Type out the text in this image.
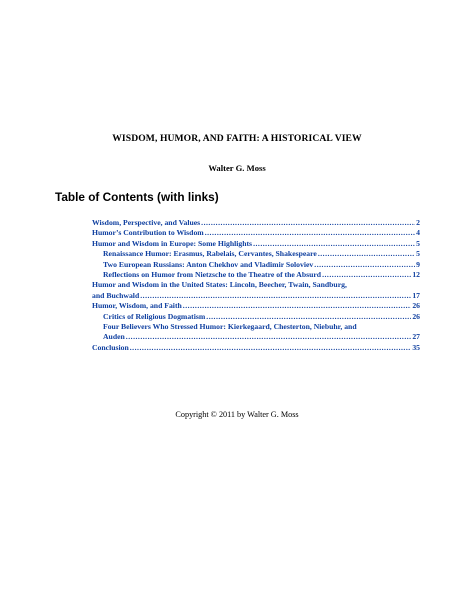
WISDOM, HUMOR, AND FAITH: A HISTORICAL VIEW
Walter G. Moss
Table of Contents (with links)
Wisdom, Perspective, and Values .....	2
Humor’s Contribution to Wisdom .....	4
Humor and Wisdom in Europe: Some Highlights .....	5
Renaissance Humor: Erasmus, Rabelais, Cervantes, Shakespeare .....	5
Two European Russians: Anton Chekhov and Vladimir Soloviev .....	9
Reflections on Humor from Nietzsche to the Theatre of the Absurd .....	12
Humor and Wisdom in the United States: Lincoln, Beecher, Twain, Sandburg,
and Buchwald .....	17
Humor, Wisdom, and Faith .....	26
Critics of Religious Dogmatism .....	26
Four Believers Who Stressed Humor: Kierkegaard, Chesterton, Niebuhr, and
Auden .....	27
Conclusion .....	35
Copyright © 2011 by Walter G. Moss
